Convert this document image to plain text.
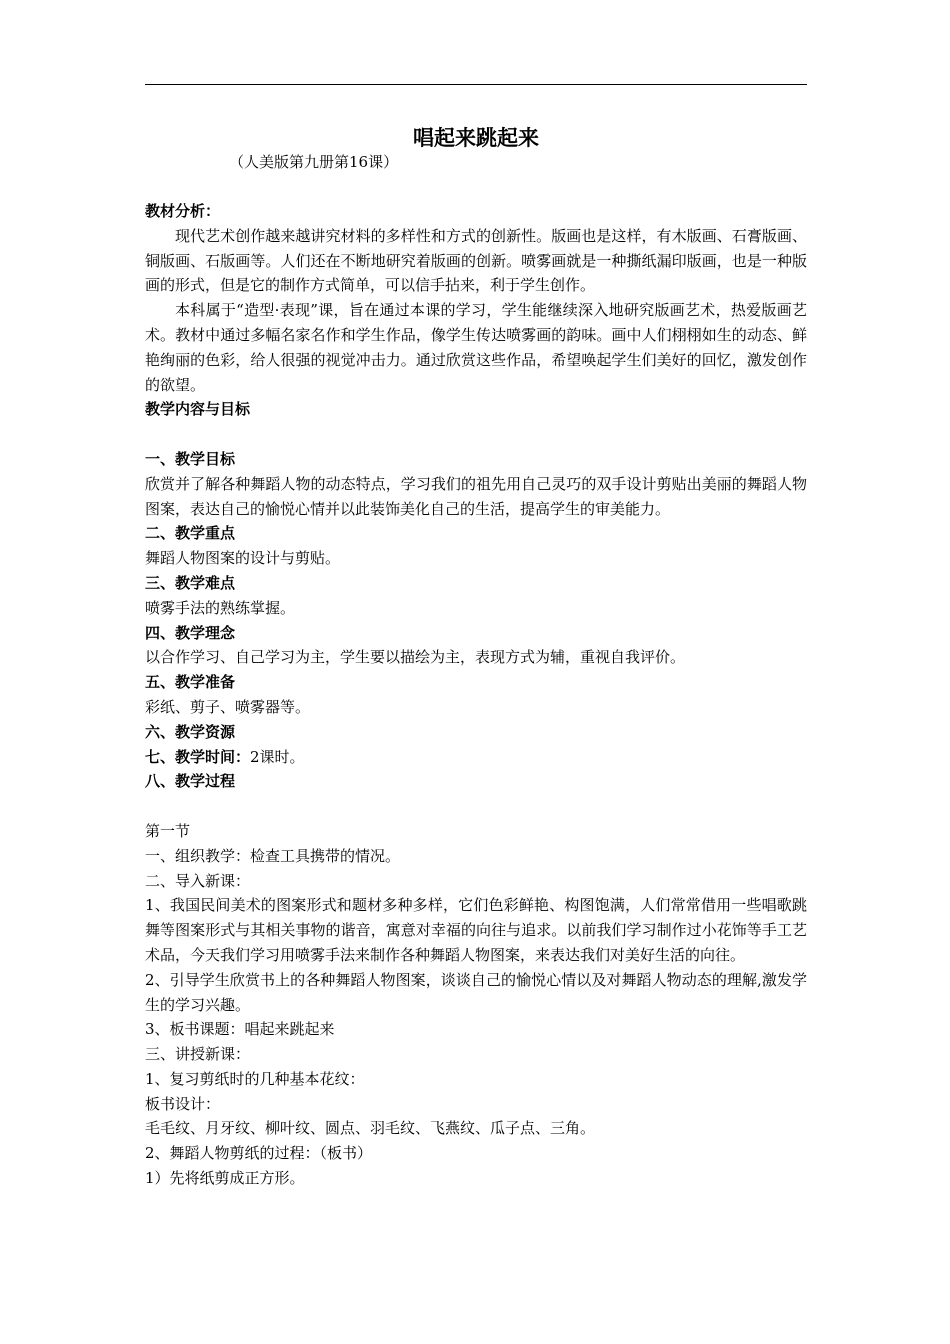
唱起来跳起来
（人美版第九册第16课）

教材分析：

现代艺术创作越来越讲究材料的多样性和方式的创新性。版画也是这样，有木版画、石膏版画、铜版画、石版画等。人们还在不断地研究着版画的创新。喷雾画就是一种撕纸漏印版画，也是一种版画的形式，但是它的制作方式简单，可以信手拈来，利于学生创作。

本科属于“造型·表现”课，旨在通过本课的学习，学生能继续深入地研究版画艺术，热爱版画艺术。教材中通过多幅名家名作和学生作品，像学生传达喷雾画的韵味。画中人们栩栩如生的动态、鲜艳绚丽的色彩，给人很强的视觉冲击力。通过欣赏这些作品，希望唤起学生们美好的回忆，激发创作的欲望。

教学内容与目标

一、教学目标

欣赏并了解各种舞蹈人物的动态特点，学习我们的祖先用自己灵巧的双手设计剪贴出美丽的舞蹈人物图案，表达自己的愉悦心情并以此装饰美化自己的生活，提高学生的审美能力。

二、教学重点

舞蹈人物图案的设计与剪贴。

三、教学难点

喷雾手法的熟练掌握。

四、教学理念

以合作学习、自己学习为主，学生要以描绘为主，表现方式为辅，重视自我评价。

五、教学准备

彩纸、剪子、喷雾器等。

六、教学资源

七、教学时间：2课时。

八、教学过程

第一节

一、组织教学：检查工具携带的情况。

二、导入新课：

1、我国民间美术的图案形式和题材多种多样，它们色彩鲜艳、构图饱满，人们常常借用一些唱歌跳舞等图案形式与其相关事物的谐音，寓意对幸福的向往与追求。以前我们学习制作过小花饰等手工艺术品，今天我们学习用喷雾手法来制作各种舞蹈人物图案，来表达我们对美好生活的向往。

2、引导学生欣赏书上的各种舞蹈人物图案，谈谈自己的愉悦心情以及对舞蹈人物动态的理解,激发学生的学习兴趣。

3、板书课题：唱起来跳起来

三、讲授新课：

1、复习剪纸时的几种基本花纹：

板书设计：

毛毛纹、月牙纹、柳叶纹、圆点、羽毛纹、飞燕纹、瓜子点、三角。

2、舞蹈人物剪纸的过程：（板书）

1）先将纸剪成正方形。
